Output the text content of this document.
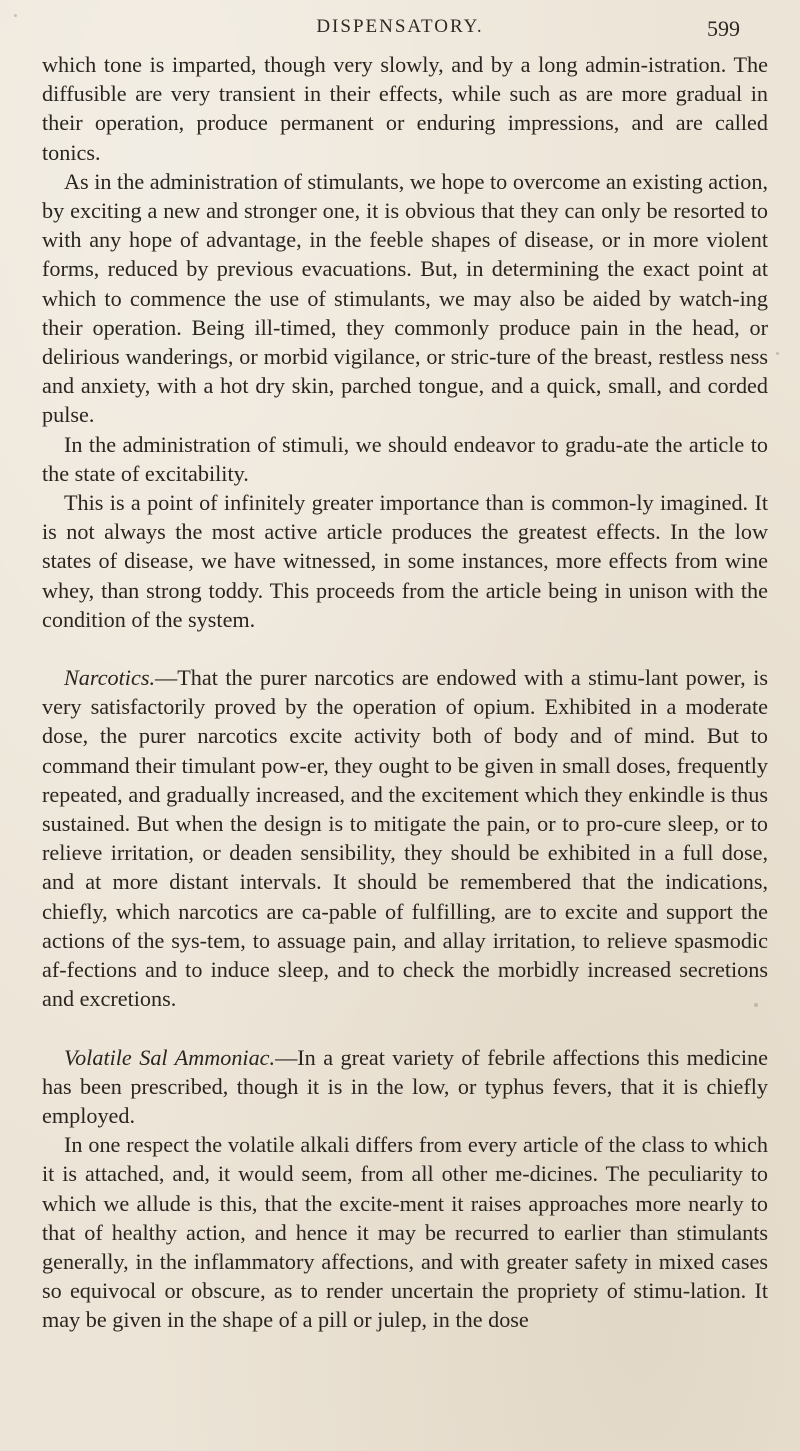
DISPENSATORY.	599

which tone is imparted, though very slowly, and by a long admin-istration. The diffusible are very transient in their effects, while such as are more gradual in their operation, produce permanent or enduring impressions, and are called tonics.

As in the administration of stimulants, we hope to overcome an existing action, by exciting a new and stronger one, it is obvious that they can only be resorted to with any hope of advantage, in the feeble shapes of disease, or in more violent forms, reduced by previous evacuations. But, in determining the exact point at which to commence the use of stimulants, we may also be aided by watch-ing their operation. Being ill-timed, they commonly produce pain in the head, or delirious wanderings, or morbid vigilance, or stric-ture of the breast, restless ness and anxiety, with a hot dry skin, parched tongue, and a quick, small, and corded pulse.

In the administration of stimuli, we should endeavor to gradu-ate the article to the state of excitability.

This is a point of infinitely greater importance than is common-ly imagined. It is not always the most active article produces the greatest effects. In the low states of disease, we have witnessed, in some instances, more effects from wine whey, than strong toddy. This proceeds from the article being in unison with the condition of the system.

Narcotics.—That the purer narcotics are endowed with a stimu-lant power, is very satisfactorily proved by the operation of opium. Exhibited in a moderate dose, the purer narcotics excite activity both of body and of mind. But to command their timulant pow-er, they ought to be given in small doses, frequently repeated, and gradually increased, and the excitement which they enkindle is thus sustained. But when the design is to mitigate the pain, or to pro-cure sleep, or to relieve irritation, or deaden sensibility, they should be exhibited in a full dose, and at more distant intervals. It should be remembered that the indications, chiefly, which narcotics are ca-pable of fulfilling, are to excite and support the actions of the sys-tem, to assuage pain, and allay irritation, to relieve spasmodic af-fections and to induce sleep, and to check the morbidly increased secretions and excretions.

Volatile Sal Ammoniac.—In a great variety of febrile affections this medicine has been prescribed, though it is in the low, or typhus fevers, that it is chiefly employed.

In one respect the volatile alkali differs from every article of the class to which it is attached, and, it would seem, from all other me-dicines. The peculiarity to which we allude is this, that the excite-ment it raises approaches more nearly to that of healthy action, and hence it may be recurred to earlier than stimulants generally, in the inflammatory affections, and with greater safety in mixed cases so equivocal or obscure, as to render uncertain the propriety of stimu-lation. It may be given in the shape of a pill or julep, in the dose
